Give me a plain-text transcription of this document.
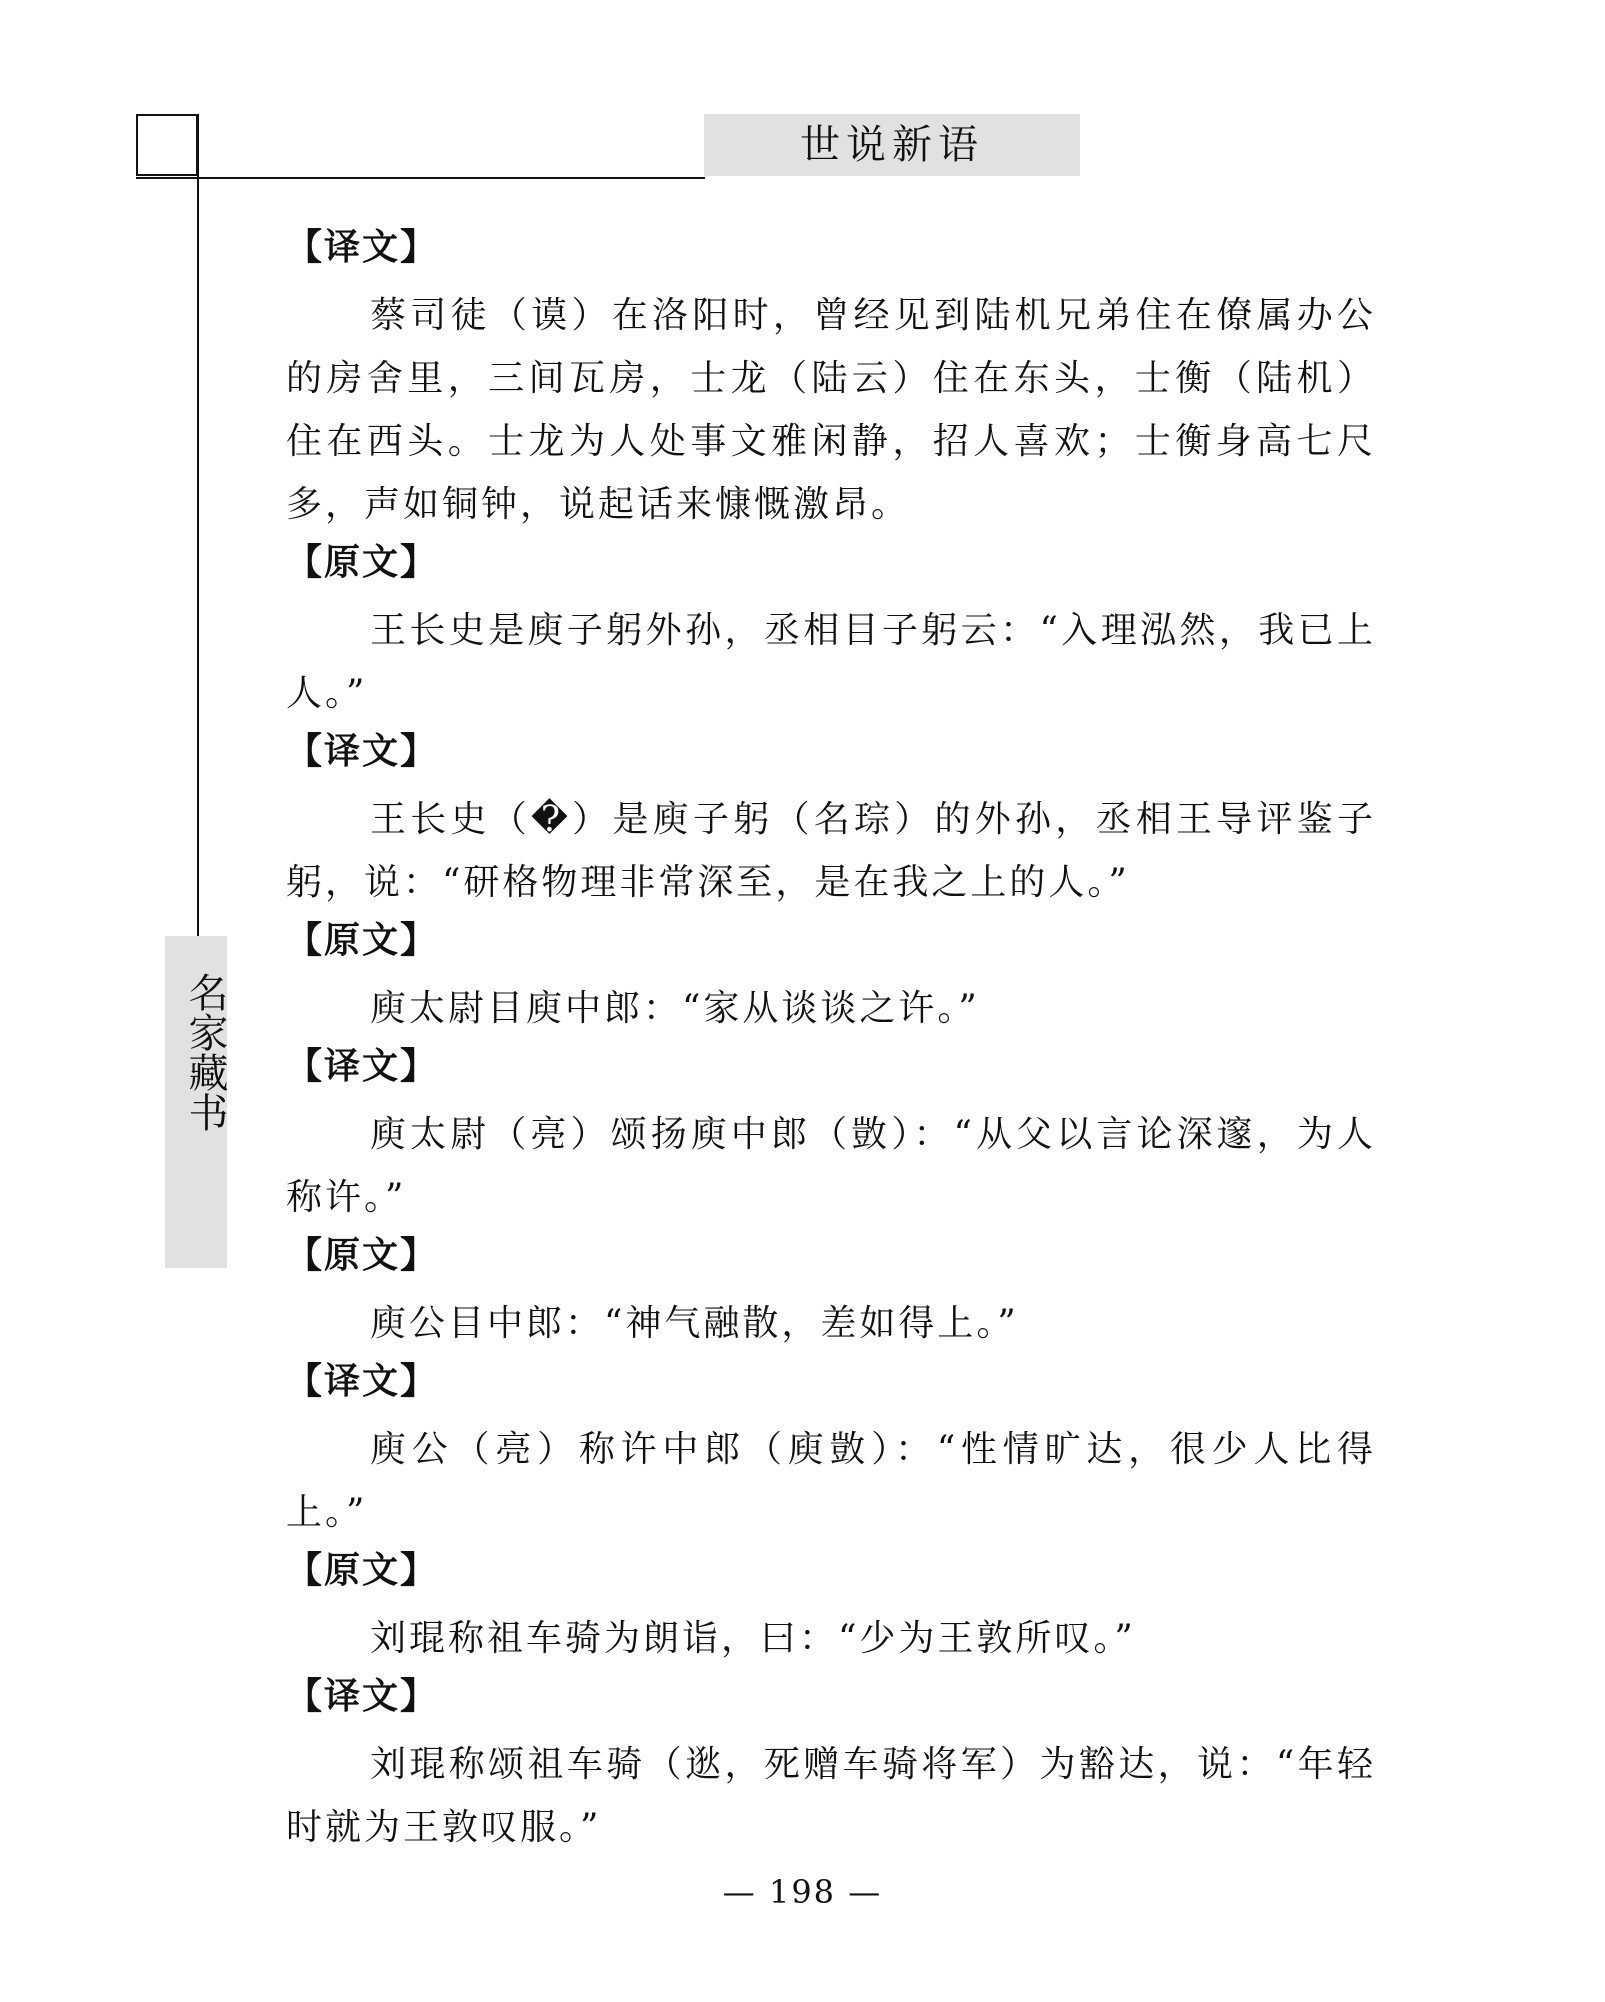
世说新语
名家藏书
【译文】

蔡司徒（谟）在洛阳时，曾经见到陆机兄弟住在僚属办公的房舍里，三间瓦房，士龙（陆云）住在东头，士衡（陆机）住在西头。士龙为人处事文雅闲静，招人喜欢；士衡身高七尺多，声如铜钟，说起话来慷慨激昂。

【原文】

王长史是庾子躬外孙，丞相目子躬云：“入理泓然，我已上人。”

【译文】

王长史（�）是庾子躬（名琮）的外孙，丞相王导评鉴子躬，说：“研格物理非常深至，是在我之上的人。”

【原文】

庾太尉目庾中郎：“家从谈谈之许。”

【译文】

庾太尉（亮）颂扬庾中郎（敳）：“从父以言论深邃，为人称许。”

【原文】

庾公目中郎：“神气融散，差如得上。”

【译文】

庾公（亮）称许中郎（庾敳）：“性情旷达，很少人比得上。”

【原文】

刘琨称祖车骑为朗诣，曰：“少为王敦所叹。”

【译文】

刘琨称颂祖车骑（逖，死赠车骑将军）为豁达，说：“年轻时就为王敦叹服。”

— 198 —
